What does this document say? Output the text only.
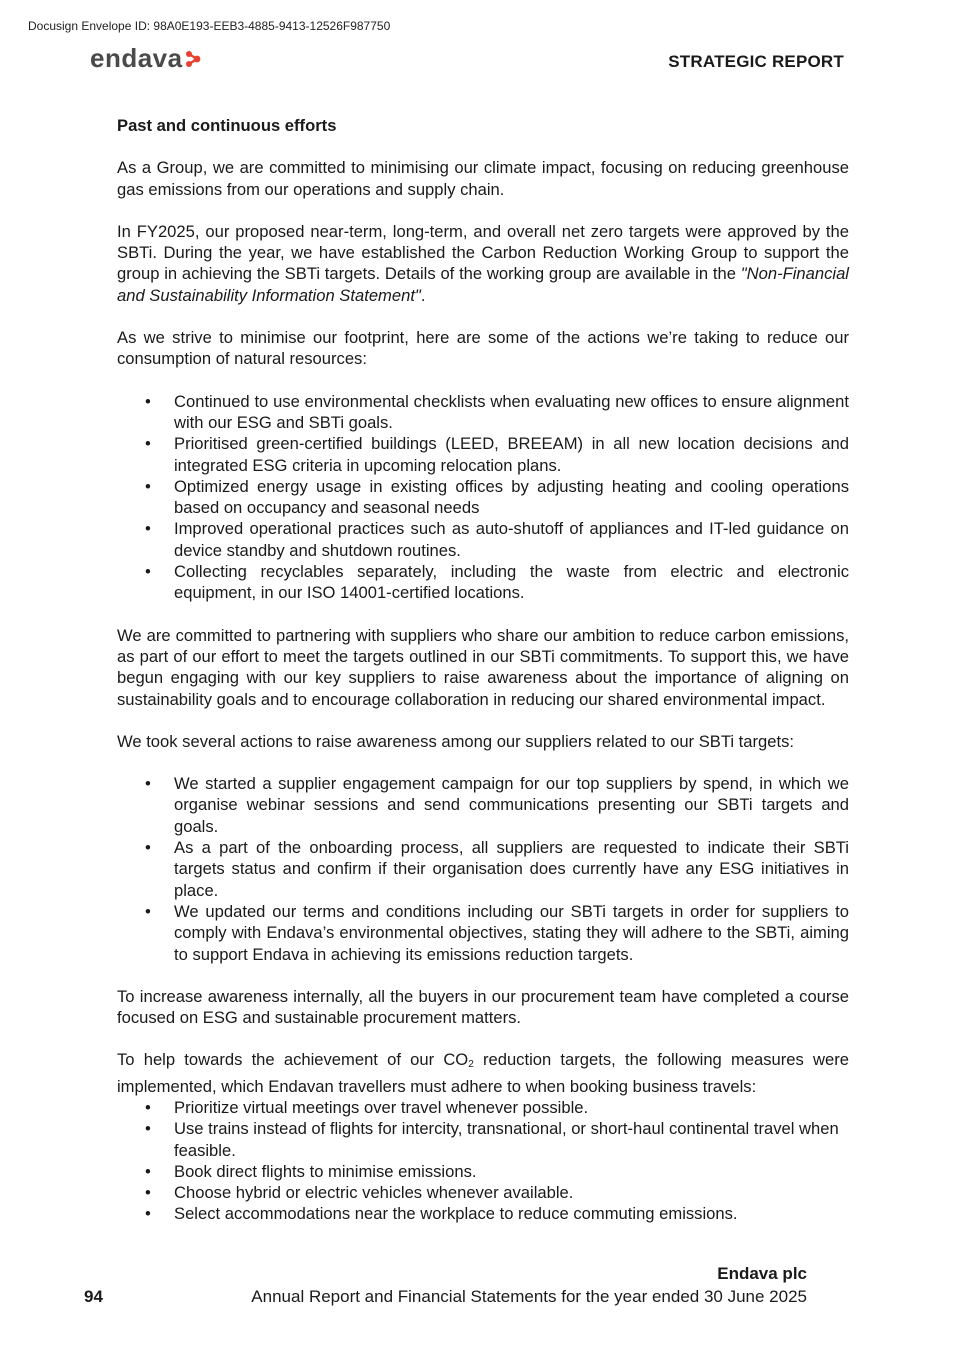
Docusign Envelope ID: 98A0E193-EEB3-4885-9413-12526F987750
endava	STRATEGIC REPORT
Past and continuous efforts

As a Group, we are committed to minimising our climate impact, focusing on reducing greenhouse gas emissions from our operations and supply chain.

In FY2025, our proposed near-term, long-term, and overall net zero targets were approved by the SBTi. During the year, we have established the Carbon Reduction Working Group to support the group in achieving the SBTi targets. Details of the working group are available in the "Non-Financial and Sustainability Information Statement".

As we strive to minimise our footprint, here are some of the actions we’re taking to reduce our consumption of natural resources:

• Continued to use environmental checklists when evaluating new offices to ensure alignment with our ESG and SBTi goals.
• Prioritised green-certified buildings (LEED, BREEAM) in all new location decisions and integrated ESG criteria in upcoming relocation plans.
• Optimized energy usage in existing offices by adjusting heating and cooling operations based on occupancy and seasonal needs
• Improved operational practices such as auto-shutoff of appliances and IT-led guidance on device standby and shutdown routines.
• Collecting recyclables separately, including the waste from electric and electronic equipment, in our ISO 14001-certified locations.

We are committed to partnering with suppliers who share our ambition to reduce carbon emissions, as part of our effort to meet the targets outlined in our SBTi commitments. To support this, we have begun engaging with our key suppliers to raise awareness about the importance of aligning on sustainability goals and to encourage collaboration in reducing our shared environmental impact.

We took several actions to raise awareness among our suppliers related to our SBTi targets:

• We started a supplier engagement campaign for our top suppliers by spend, in which we organise webinar sessions and send communications presenting our SBTi targets and goals.
• As a part of the onboarding process, all suppliers are requested to indicate their SBTi targets status and confirm if their organisation does currently have any ESG initiatives in place.
• We updated our terms and conditions including our SBTi targets in order for suppliers to comply with Endava’s environmental objectives, stating they will adhere to the SBTi, aiming to support Endava in achieving its emissions reduction targets.

To increase awareness internally, all the buyers in our procurement team have completed a course focused on ESG and sustainable procurement matters.

To help towards the achievement of our $CO_2$ reduction targets, the following measures were implemented, which Endavan travellers must adhere to when booking business travels:

• Prioritize virtual meetings over travel whenever possible.
• Use trains instead of flights for intercity, transnational, or short-haul continental travel when feasible.
• Book direct flights to minimise emissions.
• Choose hybrid or electric vehicles whenever available.
• Select accommodations near the workplace to reduce commuting emissions.
Endava plc
94	Annual Report and Financial Statements for the year ended 30 June 2025
